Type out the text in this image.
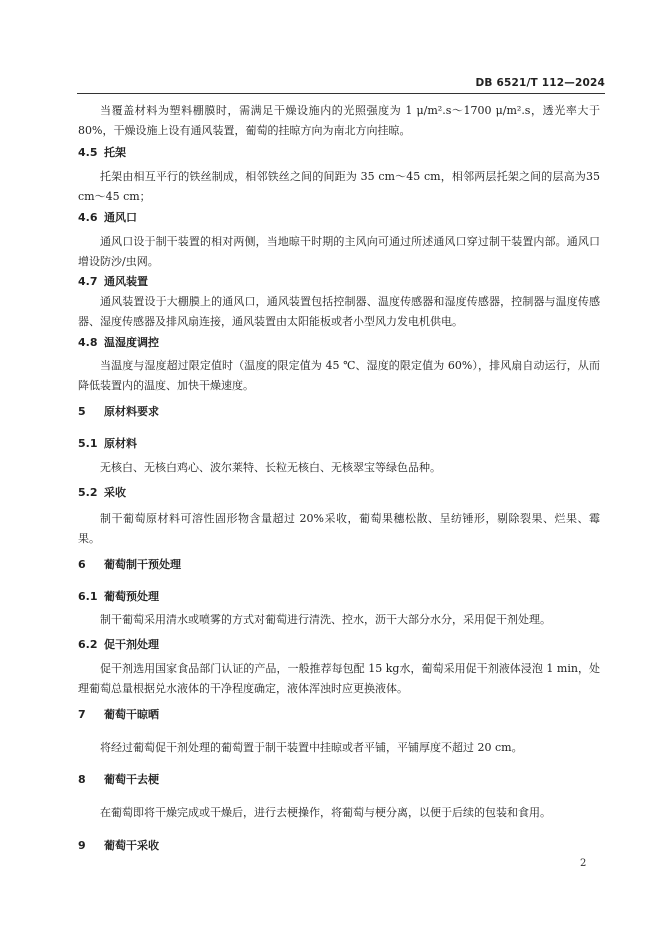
DB 6521/T 112—2024
当覆盖材料为塑料棚膜时，需满足干燥设施内的光照强度为 1 μ/m².s～1700 μ/m².s，透光率大于80%，干燥设施上设有通风装置，葡萄的挂晾方向为南北方向挂晾。
4.5 托架
托架由相互平行的铁丝制成，相邻铁丝之间的间距为 35 cm～45 cm，相邻两层托架之间的层高为35 cm～45 cm；
4.6 通风口
通风口设于制干装置的相对两侧，当地晾干时期的主风向可通过所述通风口穿过制干装置内部。通风口增设防沙/虫网。
4.7 通风装置
通风装置设于大棚膜上的通风口，通风装置包括控制器、温度传感器和湿度传感器，控制器与温度传感器、湿度传感器及排风扇连接，通风装置由太阳能板或者小型风力发电机供电。
4.8 温湿度调控
当温度与湿度超过限定值时（温度的限定值为 45 ℃、湿度的限定值为 60%），排风扇自动运行，从而降低装置内的温度、加快干燥速度。
5 原材料要求
5.1 原材料
无核白、无核白鸡心、波尔莱特、长粒无核白、无核翠宝等绿色品种。
5.2 采收
制干葡萄原材料可溶性固形物含量超过 20%采收，葡萄果穗松散、呈纺锤形，剔除裂果、烂果、霉果。
6 葡萄制干预处理
6.1 葡萄预处理
制干葡萄采用清水或喷雾的方式对葡萄进行清洗、控水，沥干大部分水分，采用促干剂处理。
6.2 促干剂处理
促干剂选用国家食品部门认证的产品，一般推荐每包配 15 kg水，葡萄采用促干剂液体浸泡 1 min，处理葡萄总量根据兑水液体的干净程度确定，液体浑浊时应更换液体。
7 葡萄干晾晒
将经过葡萄促干剂处理的葡萄置于制干装置中挂晾或者平铺，平铺厚度不超过 20 cm。
8 葡萄干去梗
在葡萄即将干燥完成或干燥后，进行去梗操作，将葡萄与梗分离，以便于后续的包装和食用。
9 葡萄干采收
2
